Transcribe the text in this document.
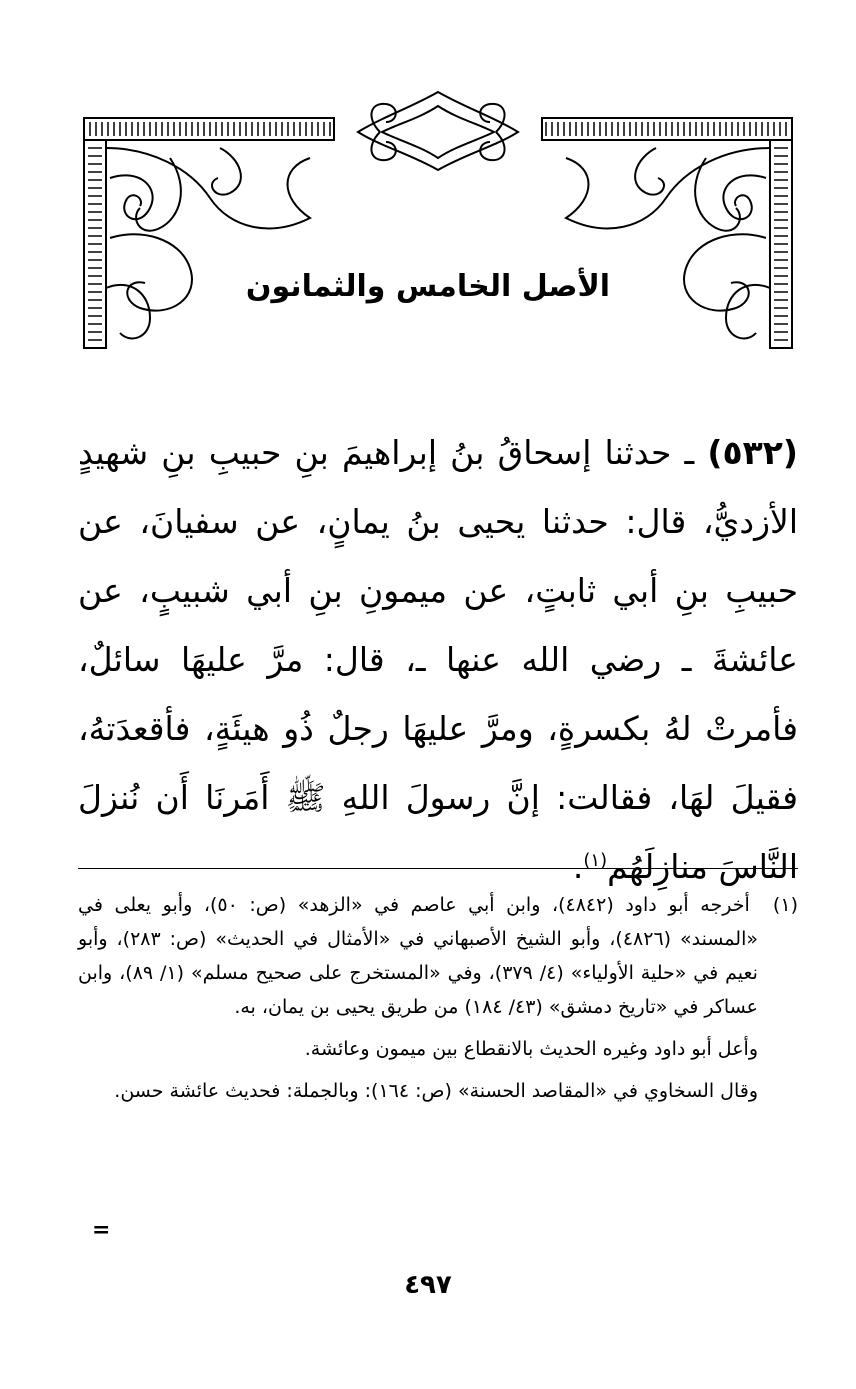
الأصل الخامس والثمانون
(٥٣٢) ـ حدثنا إسحاقُ بنُ إبراهيمَ بنِ حبيبِ بنِ شهيدٍ الأزديُّ، قال: حدثنا يحيى بنُ يمانٍ، عن سفيانَ، عن حبيبِ بنِ أبي ثابتٍ، عن ميمونِ بنِ أبي شبيبٍ، عن عائشةَ ـ رضي الله عنها ـ، قال: مرَّ عليهَا سائلٌ، فأمرتْ لهُ بكسرةٍ، ومرَّ عليهَا رجلٌ ذُو هيئَةٍ، فأقعدَتهُ، فقيلَ لهَا، فقالت: إنَّ رسولَ اللهِ ﷺ أَمَرنَا أَن نُنزلَ النَّاسَ منازِلَهُم$^{(١)}$.

(١)  أخرجه أبو داود (٤٨٤٢)، وابن أبي عاصم في «الزهد» (ص: ٥٠)، وأبو يعلى في «المسند» (٤٨٢٦)، وأبو الشيخ الأصبهاني في «الأمثال في الحديث» (ص: ٢٨٣)، وأبو نعيم في «حلية الأولياء» (٤/ ٣٧٩)، وفي «المستخرج على صحيح مسلم» (١/ ٨٩)، وابن عساكر في «تاريخ دمشق» (٤٣/ ١٨٤) من طريق يحيى بن يمان، به.

وأعل أبو داود وغيره الحديث بالانقطاع بين ميمون وعائشة.

وقال السخاوي في «المقاصد الحسنة» (ص: ١٦٤): وبالجملة: فحديث عائشة حسن.

=
٤٩٧
